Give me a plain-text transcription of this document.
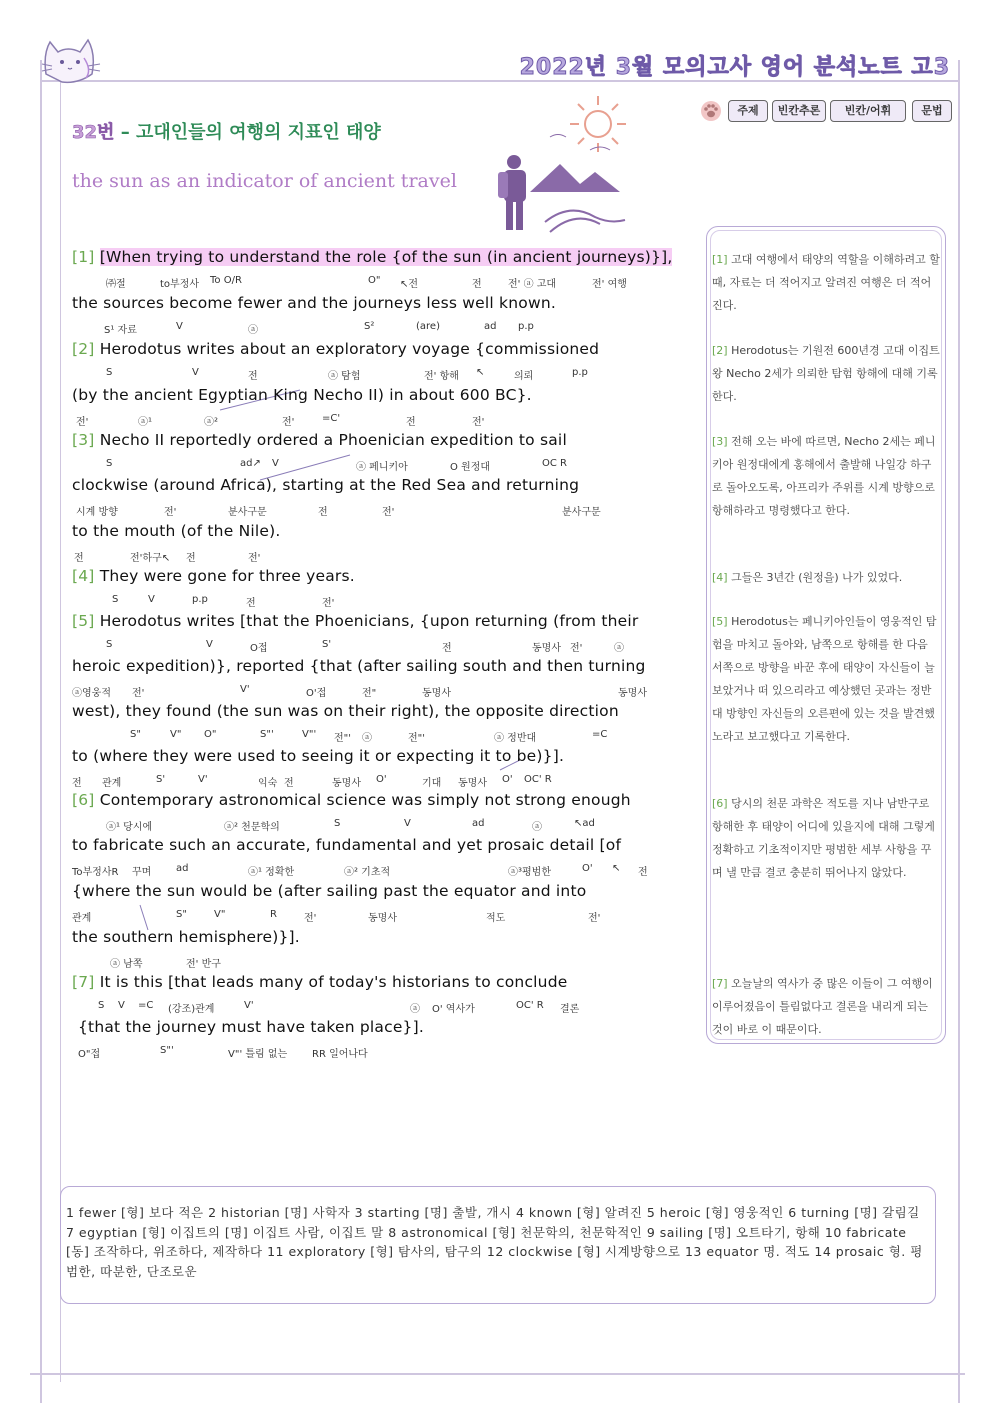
2022년 3월 모의고사 영어 분석노트 고3
주제	빈칸추론	빈칸/어휘	문법
32번 – 고대인들의 여행의 지표인 태양
the sun as an indicator of ancient travel
[1] [When trying to understand the role {of the sun (in ancient journeys)}],
㈜절	to부정사 To O/R	O" ↖전	전	전' ⓐ 고대	전' 여행
the sources become fewer and the journeys less well known.
S¹ 자료	V	ⓐ	S²	(are)	ad p.p
[2] Herodotus writes about an exploratory voyage {commissioned
S	V	전	ⓐ 탐험	전' 항해 ↖	의뢰	p.p
(by the ancient Egyptian King Necho II) in about 600 BC}.
전'	ⓐ¹	ⓐ²	전'	=C'	전	전'
[3] Necho II reportedly ordered a Phoenician expedition to sail
S	ad↗ V	ⓐ 페니키아	O 원정대	OC R
clockwise (around Africa), starting at the Red Sea and returning
시계 방향	전'	분사구문	전	전'	분사구문
to the mouth (of the Nile).
전	전'하구↖ 전	전'
[4] They were gone for three years.
S	V	p.p	전	전'
[5] Herodotus writes [that the Phoenicians, {upon returning (from their
S	V	O접	S'	전	동명사 전'	ⓐ
heroic expedition)}, reported {that (after sailing south and then turning
ⓐ영웅적 전'	V'	O'접	전"	동명사	동명사
west), they found (the sun was on their right), the opposite direction
S"	V" O"	S"'	V"' 전"' ⓐ	전"'	ⓐ 정반대	=C
to (where they were used to seeing it or expecting it to be)}].
전 관계	S'	V'	익숙 전	동명사 O'	기대 동명사 O' OC' R
[6] Contemporary astronomical science was simply not strong enough
ⓐ¹ 당시에	ⓐ² 천문학의	S	V	ad	ⓐ	↖ad
to fabricate such an accurate, fundamental and yet prosaic detail [of
To부정사R 꾸며 ad	ⓐ¹ 정확한	ⓐ² 기초적	ⓐ³평범한	O' ↖ 전
{where the sun would be (after sailing past the equator and into
관계	S"	V"	R	전'	동명사	적도	전'
the southern hemisphere)}].
ⓐ 남쪽	전' 반구
[7] It is this [that leads many of today's historians to conclude
S V =C (강조)관계	V'	ⓐ O' 역사가	OC' R 결론
{that the journey must have taken place}].
O"접	S"'	V"' 틀림 없는 RR 일어나다
[1] 고대 여행에서 태양의 역할을 이해하려고 할 때, 자료는 더 적어지고 알려진 여행은 더 적어진다.
[2] Herodotus는 기원전 600년경 고대 이집트 왕 Necho 2세가 의뢰한 탐험 항해에 대해 기록한다.
[3] 전해 오는 바에 따르면, Necho 2세는 페니키아 원정대에게 홍해에서 출발해 나일강 하구로 돌아오도록, 아프리카 주위를 시계 방향으로 항해하라고 명령했다고 한다.
[4] 그들은 3년간 (원정을) 나가 있었다.
[5] Herodotus는 페니키아인들이 영웅적인 탐험을 마치고 돌아와, 남쪽으로 항해를 한 다음 서쪽으로 방향을 바꾼 후에 태양이 자신들이 늘 보았거나 떠 있으리라고 예상했던 곳과는 정반대 방향인 자신들의 오른편에 있는 것을 발견했노라고 보고했다고 기록한다.
[6] 당시의 천문 과학은 적도를 지나 남반구로 항해한 후 태양이 어디에 있을지에 대해 그렇게 정확하고 기초적이지만 평범한 세부 사항을 꾸며 낼 만큼 결코 충분히 뛰어나지 않았다.
[7] 오늘날의 역사가 중 많은 이들이 그 여행이 이루어졌음이 틀림없다고 결론을 내리게 되는 것이 바로 이 때문이다.
1 fewer [형] 보다 적은 2 historian [명] 사학자 3 starting [명] 출발, 개시 4 known [형] 알려진 5 heroic [형] 영웅적인 6 turning [명] 갈림길 7 egyptian [형] 이집트의 [명] 이집트 사람, 이집트 말 8 astronomical [형] 천문학의, 천문학적인 9 sailing [명] 오트타기, 항해 10 fabricate [동] 조작하다, 위조하다, 제작하다 11 exploratory [형] 탐사의, 탐구의 12 clockwise [형] 시계방향으로 13 equator 명. 적도 14 prosaic 형. 평범한, 따분한, 단조로운
